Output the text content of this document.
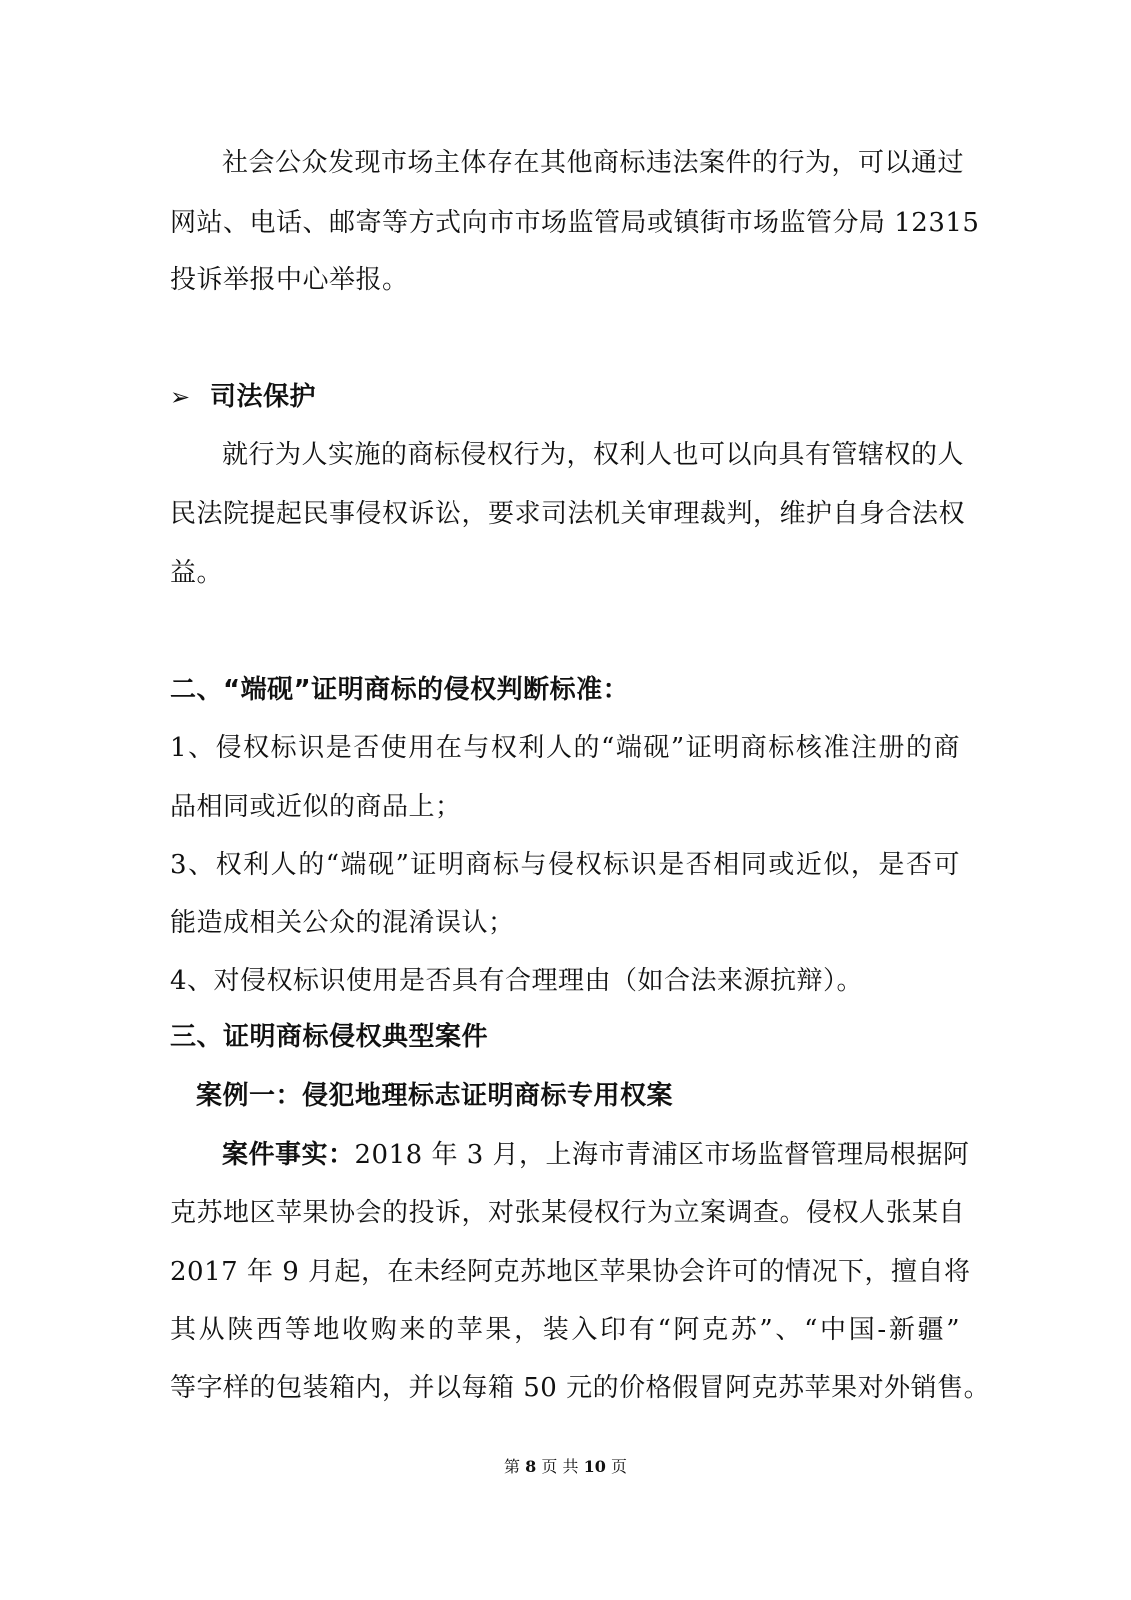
社会公众发现市场主体存在其他商标违法案件的行为，可以通过
网站、电话、邮寄等方式向市市场监管局或镇街市场监管分局 12315
投诉举报中心举报。
➢ 司法保护
就行为人实施的商标侵权行为，权利人也可以向具有管辖权的人
民法院提起民事侵权诉讼，要求司法机关审理裁判，维护自身合法权
益。
二、“端砚”证明商标的侵权判断标准：
1、侵权标识是否使用在与权利人的“端砚”证明商标核准注册的商
品相同或近似的商品上；
3、权利人的“端砚”证明商标与侵权标识是否相同或近似，是否可
能造成相关公众的混淆误认；
4、对侵权标识使用是否具有合理理由（如合法来源抗辩）。
三、证明商标侵权典型案件
案例一：侵犯地理标志证明商标专用权案
案件事实： 2018 年 3 月，上海市青浦区市场监督管理局根据阿
克苏地区苹果协会的投诉，对张某侵权行为立案调查。侵权人张某自
2017 年 9 月起，在未经阿克苏地区苹果协会许可的情况下，擅自将
其从陕西等地收购来的苹果，装入印有“阿克苏”、“中国-新疆”
等字样的包装箱内，并以每箱 50 元的价格假冒阿克苏苹果对外销售。
第 8 页 共 10 页
